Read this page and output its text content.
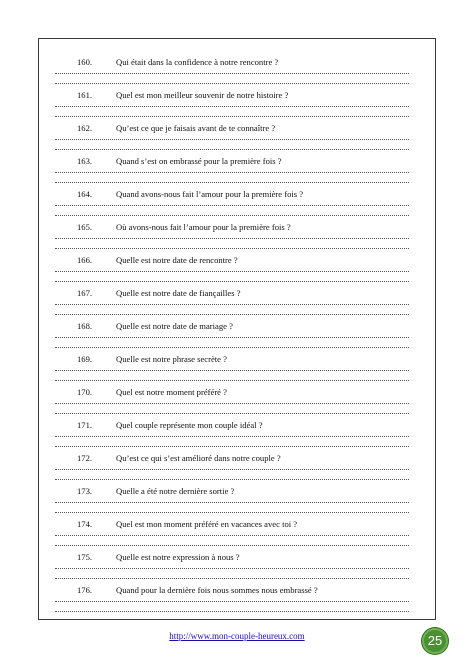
160.	Qui était dans la confidence à notre rencontre ?
161.	Quel est mon meilleur souvenir de notre histoire ?
162.	Qu’est ce que je faisais avant de te connaître ?
163.	Quand s’est on embrassé pour la première fois ?
164.	Quand avons-nous fait l’amour pour la première fois ?
165.	Où avons-nous fait l’amour pour la première fois ?
166.	Quelle est notre date de rencontre ?
167.	Quelle est notre date de fiançailles ?
168.	Quelle est notre date de mariage ?
169.	Quelle est notre phrase secrète ?
170.	Quel est notre moment préféré ?
171.	Quel couple représente mon couple idéal ?
172.	Qu’est ce qui s’est amélioré dans notre couple ?
173.	Quelle a été notre dernière sortie ?
174.	Quel est mon moment préféré en vacances avec toi ?
175.	Quelle est notre expression à nous ?
176.	Quand pour la dernière fois nous sommes nous embrassé ?
http://www.mon-couple-heureux.com	25
